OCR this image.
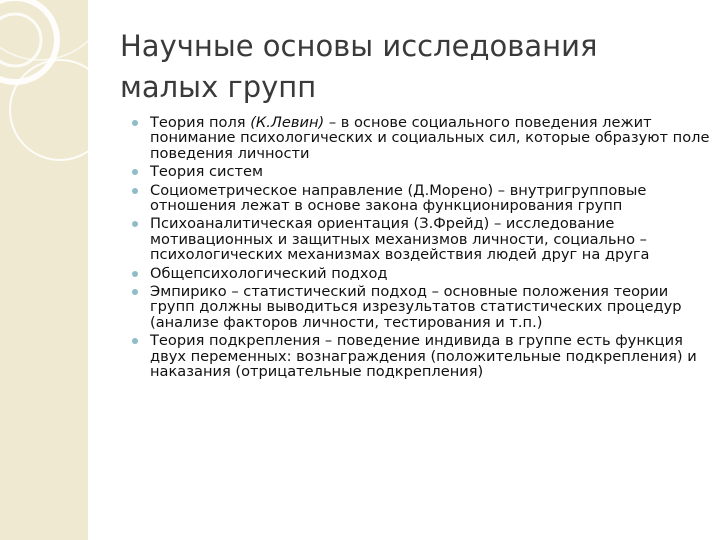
Научные основы исследования малых групп
Теория поля (К.Левин) – в основе социального поведения лежит понимание психологических и социальных сил, которые образуют поле поведения личности
Теория систем
Социометрическое направление (Д.Морено) – внутригрупповые отношения лежат в основе закона функционирования групп
Психоаналитическая ориентация (З.Фрейд) – исследование мотивационных и защитных механизмов личности, социально – психологических механизмах воздействия людей друг на друга
Общепсихологический подход
Эмпирико – статистический подход – основные положения теории групп должны выводиться изрезультатов статистических процедур (анализе факторов личности, тестирования и т.п.)
Теория подкрепления – поведение индивида в группе есть функция двух переменных: вознаграждения (положительные подкрепления) и наказания (отрицательные подкрепления)
